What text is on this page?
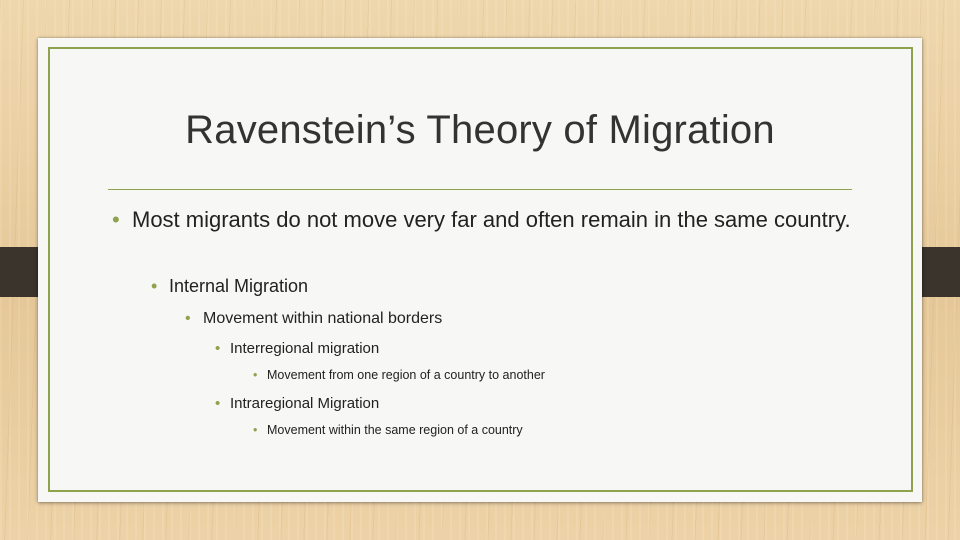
Ravenstein’s Theory of Migration
• Most migrants do not move very far and often remain in the same country.
• Internal Migration
• Movement within national borders
• Interregional migration
• Movement from one region of a country to another
• Intraregional Migration
• Movement within the same region of a country
